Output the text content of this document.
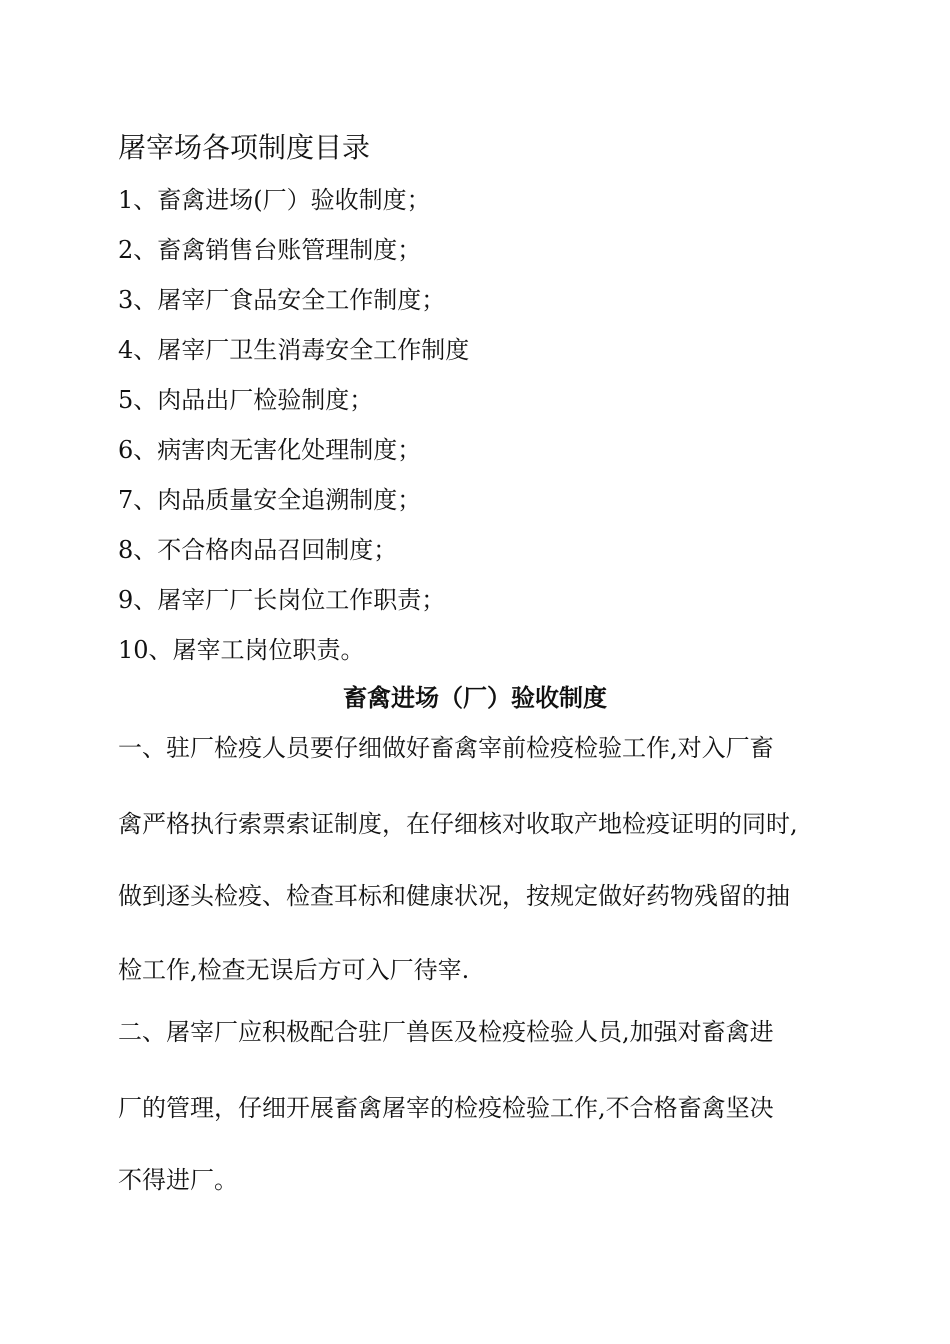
屠宰场各项制度目录
1、畜禽进场(厂）验收制度；
2、畜禽销售台账管理制度；
3、屠宰厂食品安全工作制度；
4、屠宰厂卫生消毒安全工作制度
5、肉品出厂检验制度；
6、病害肉无害化处理制度；
7、肉品质量安全追溯制度；
8、不合格肉品召回制度；
9、屠宰厂厂长岗位工作职责；
10、屠宰工岗位职责。
畜禽进场（厂）验收制度
一、驻厂检疫人员要仔细做好畜禽宰前检疫检验工作,对入厂畜
禽严格执行索票索证制度，在仔细核对收取产地检疫证明的同时,
做到逐头检疫、检查耳标和健康状况，按规定做好药物残留的抽
检工作,检查无误后方可入厂待宰.
二、屠宰厂应积极配合驻厂兽医及检疫检验人员,加强对畜禽进
厂的管理，仔细开展畜禽屠宰的检疫检验工作,不合格畜禽坚决
不得进厂。
